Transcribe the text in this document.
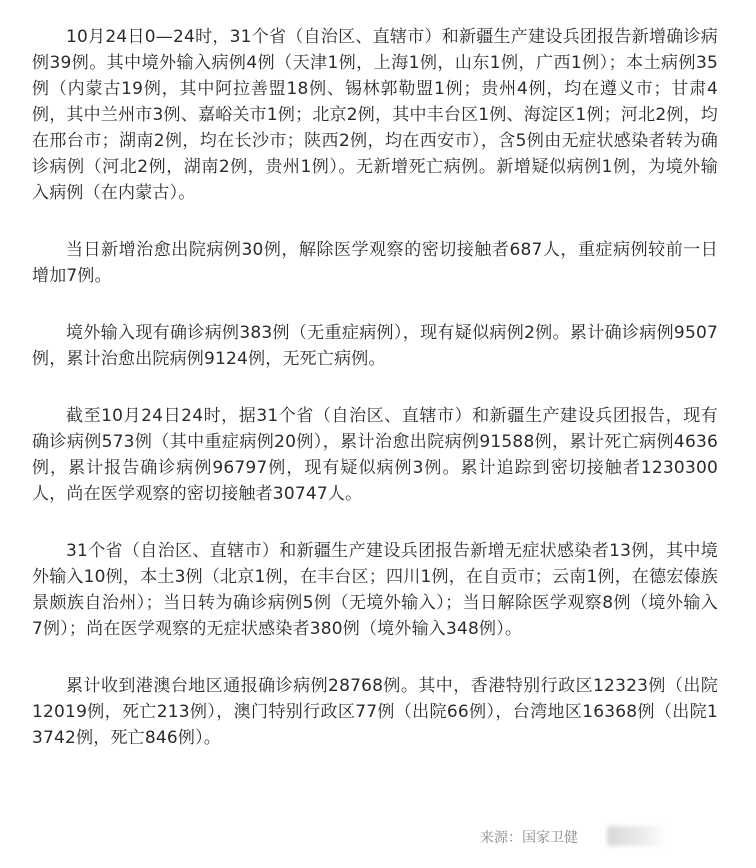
10月24日0—24时，31个省（自治区、直辖市）和新疆生产建设兵团报告新增确诊病例39例。其中境外输入病例4例（天津1例，上海1例，山东1例，广西1例）；本土病例35例（内蒙古19例，其中阿拉善盟18例、锡林郭勒盟1例；贵州4例，均在遵义市；甘肃4例，其中兰州市3例、嘉峪关市1例；北京2例，其中丰台区1例、海淀区1例；河北2例，均在邢台市；湖南2例，均在长沙市；陕西2例，均在西安市），含5例由无症状感染者转为确诊病例（河北2例，湖南2例，贵州1例）。无新增死亡病例。新增疑似病例1例，为境外输入病例（在内蒙古）。

当日新增治愈出院病例30例，解除医学观察的密切接触者687人，重症病例较前一日增加7例。

境外输入现有确诊病例383例（无重症病例），现有疑似病例2例。累计确诊病例9507例，累计治愈出院病例9124例，无死亡病例。

截至10月24日24时，据31个省（自治区、直辖市）和新疆生产建设兵团报告，现有确诊病例573例（其中重症病例20例），累计治愈出院病例91588例，累计死亡病例4636例，累计报告确诊病例96797例，现有疑似病例3例。累计追踪到密切接触者1230300人，尚在医学观察的密切接触者30747人。

31个省（自治区、直辖市）和新疆生产建设兵团报告新增无症状感染者13例，其中境外输入10例，本土3例（北京1例，在丰台区；四川1例，在自贡市；云南1例，在德宏傣族景颇族自治州）；当日转为确诊病例5例（无境外输入）；当日解除医学观察8例（境外输入7例）；尚在医学观察的无症状感染者380例（境外输入348例）。

累计收到港澳台地区通报确诊病例28768例。其中，香港特别行政区12323例（出院12019例，死亡213例），澳门特别行政区77例（出院66例），台湾地区16368例（出院13742例，死亡846例）。

来源：国家卫健
